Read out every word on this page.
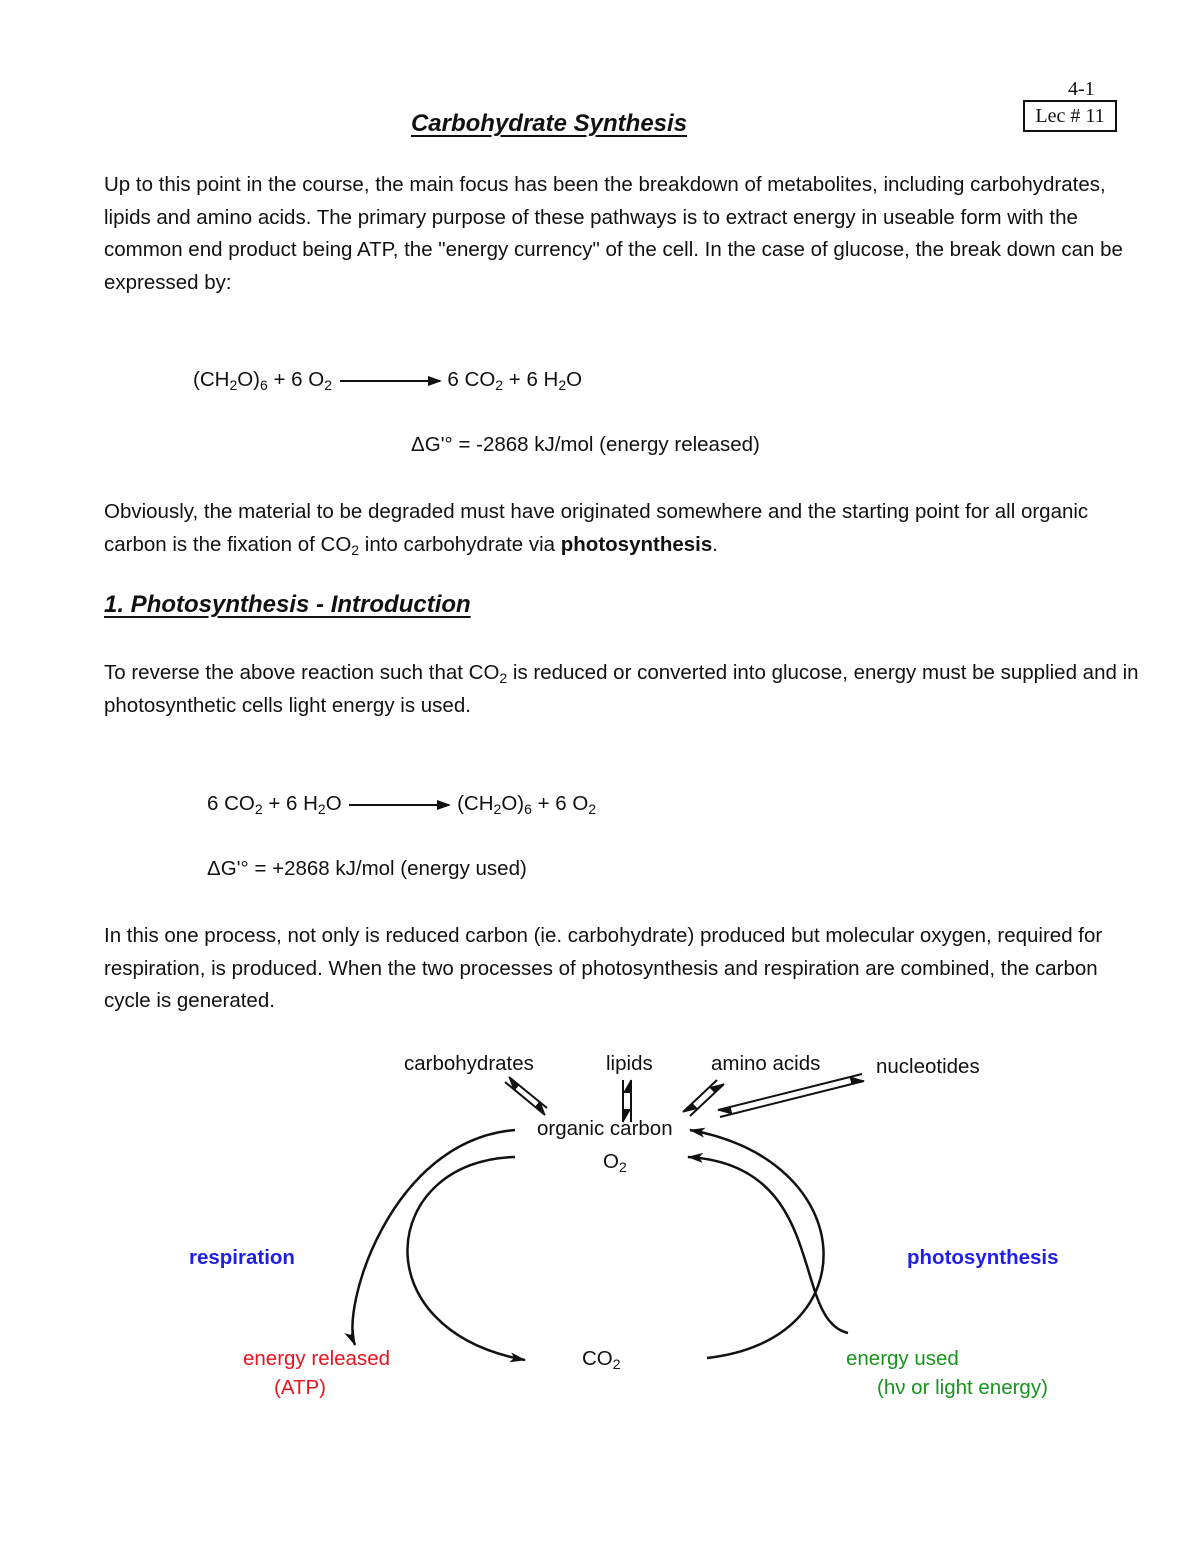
4-1
Lec # 11
Carbohydrate Synthesis

Up to this point in the course, the main focus has been the breakdown of metabolites, including carbohydrates, lipids and amino acids. The primary purpose of these pathways is to extract energy in useable form with the common end product being ATP, the "energy currency" of the cell. In the case of glucose, the break down can be expressed by:

$(CH_2O)_6 + 6$ $O_2$	6 $CO_2 + 6$ $H_2O$
ΔG'° = -2868 kJ/mol (energy released)

Obviously, the material to be degraded must have originated somewhere and the starting point for all organic carbon is the fixation of $CO_2$ into carbohydrate via photosynthesis.

1. Photosynthesis - Introduction

To reverse the above reaction such that $CO_2$ is reduced or converted into glucose, energy must be supplied and in photosynthetic cells light energy is used.

6 $CO_2 + 6$ $H_2O$	$(CH_2O)_6 + 6$ $O_2$
ΔG'° = +2868 kJ/mol (energy used)

In this one process, not only is reduced carbon (ie. carbohydrate) produced but molecular oxygen, required for respiration, is produced. When the two processes of photosynthesis and respiration are combined, the carbon cycle is generated.

carbohydrates	lipids	amino acids	nucleotides
organic carbon
$O_2$
respiration	photosynthesis
energy released
(ATP)
$CO_2$	energy used
(hν or light energy)
